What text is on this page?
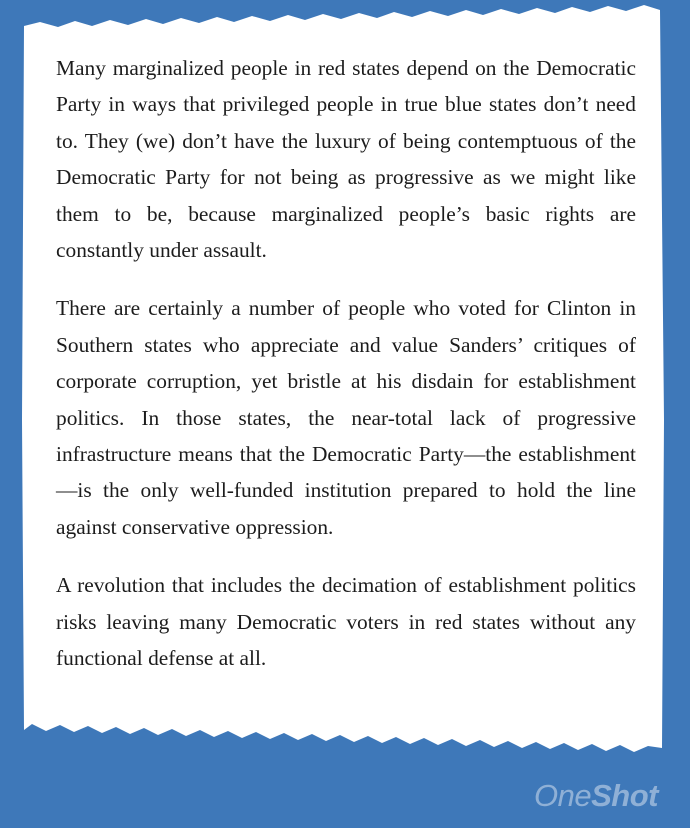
Many marginalized people in red states depend on the Democratic Party in ways that privileged people in true blue states don’t need to. They (we) don’t have the luxury of being contemptuous of the Democratic Party for not being as progressive as we might like them to be, because marginalized people’s basic rights are constantly under assault.

There are certainly a number of people who voted for Clinton in Southern states who appreciate and value Sanders’ critiques of corporate corruption, yet bristle at his disdain for establishment politics. In those states, the near-total lack of progressive infrastructure means that the Democratic Party—the establishment—is the only well-funded institution prepared to hold the line against conservative oppression.

A revolution that includes the decimation of establishment politics risks leaving many Democratic voters in red states without any functional defense at all.

OneShot
